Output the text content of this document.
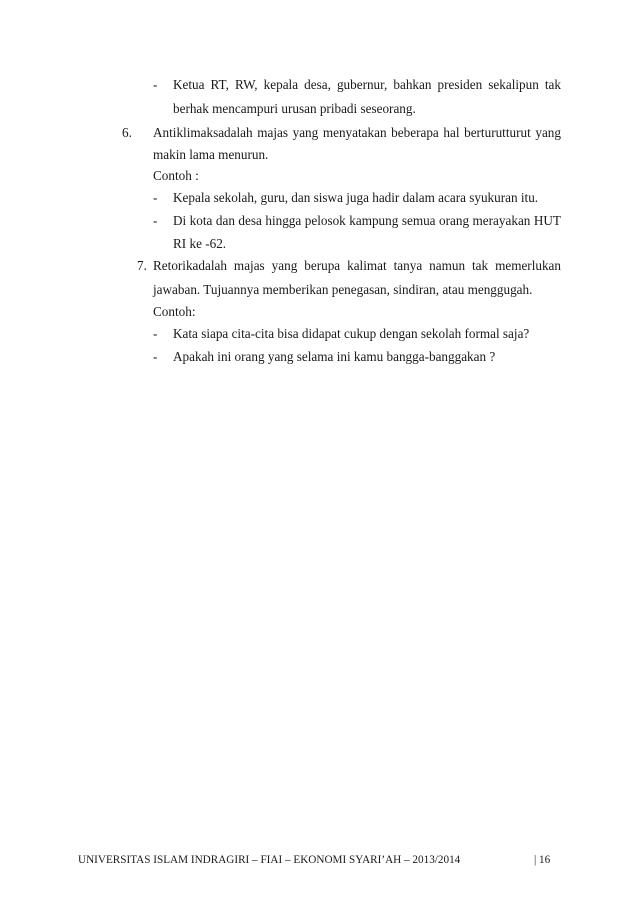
- Ketua RT, RW, kepala desa, gubernur, bahkan presiden sekalipun tak
berhak mencampuri urusan pribadi seseorang.
6. Antiklimaksadalah majas yang menyatakan beberapa hal berturutturut yang
makin lama menurun.
Contoh :
- Kepala sekolah, guru, dan siswa juga hadir dalam acara syukuran itu.
- Di kota dan desa hingga pelosok kampung semua orang merayakan HUT
RI ke -62.
7. Retorikadalah majas yang berupa kalimat tanya namun tak memerlukan
jawaban. Tujuannya memberikan penegasan, sindiran, atau menggugah.
Contoh:
- Kata siapa cita-cita bisa didapat cukup dengan sekolah formal saja?
- Apakah ini orang yang selama ini kamu bangga-banggakan ?
UNIVERSITAS ISLAM INDRAGIRI – FIAI – EKONOMI SYARI’AH – 2013/2014	| 16
